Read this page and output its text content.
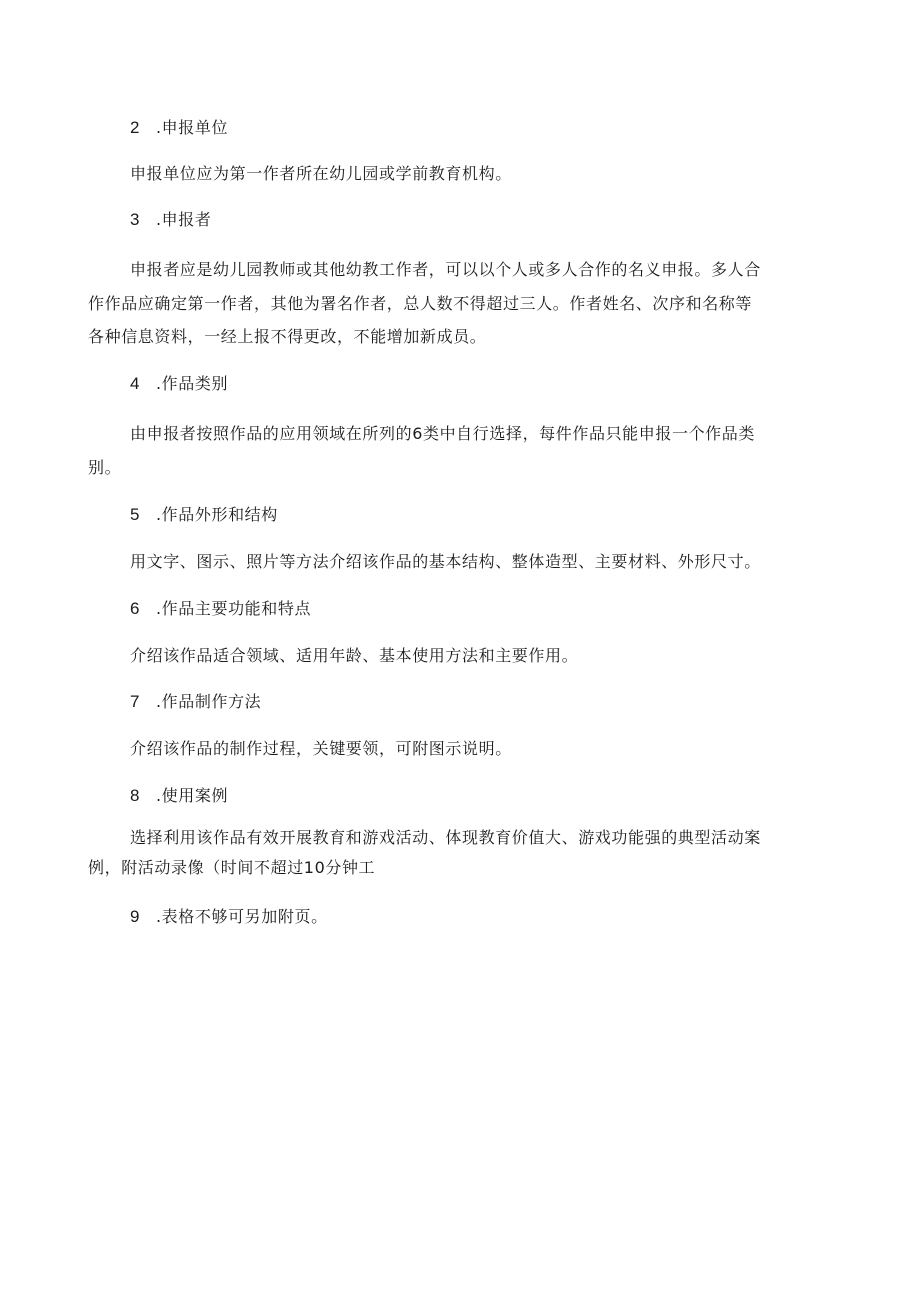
2 .申报单位
申报单位应为第一作者所在幼儿园或学前教育机构。
3 .申报者
申报者应是幼儿园教师或其他幼教工作者，可以以个人或多人合作的名义申报。多人合
作作品应确定第一作者，其他为署名作者，总人数不得超过三人。作者姓名、次序和名称等
各种信息资料，一经上报不得更改，不能增加新成员。
4 .作品类别
由申报者按照作品的应用领域在所列的6类中自行选择，每件作品只能申报一个作品类
别。
5 .作品外形和结构
用文字、图示、照片等方法介绍该作品的基本结构、整体造型、主要材料、外形尺寸。
6 .作品主要功能和特点
介绍该作品适合领域、适用年龄、基本使用方法和主要作用。
7 .作品制作方法
介绍该作品的制作过程，关键要领，可附图示说明。
8 .使用案例
选择利用该作品有效开展教育和游戏活动、体现教育价值大、游戏功能强的典型活动案
例，附活动录像（时间不超过10分钟工
9 .表格不够可另加附页。
